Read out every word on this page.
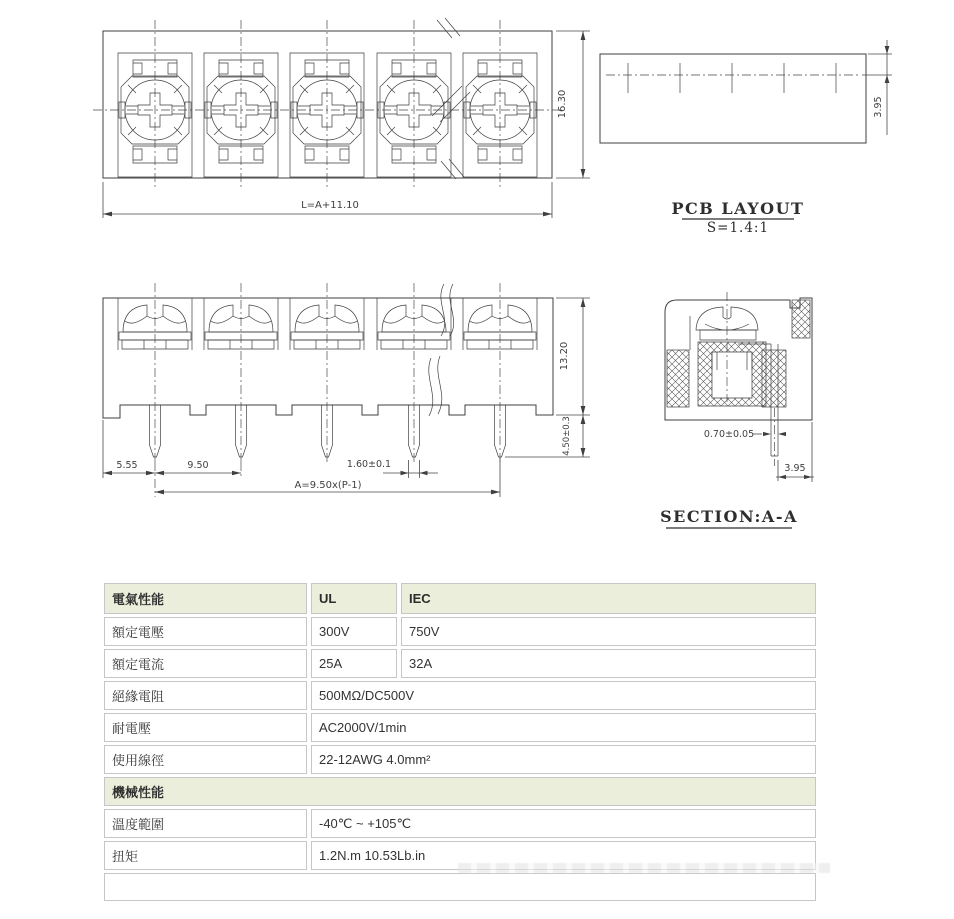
L=A+11.10
16.30	3.95
PCB LAYOUT
S=1.4:1
13.20
4.50±0.3
5.55	9.50	1.60±0.1
A=9.50x(P-1)
0.70±0.05
3.95
SECTION:A-A
電氣性能	UL	IEC
額定電壓	300V	750V
額定電流	25A	32A
絕緣電阻	500MΩ/DC500V
耐電壓	AC2000V/1min
使用線徑	22-12AWG 4.0mm²
機械性能
溫度範圍	-40℃ ~ +105℃
扭矩	1.2N.m 10.53Lb.in
